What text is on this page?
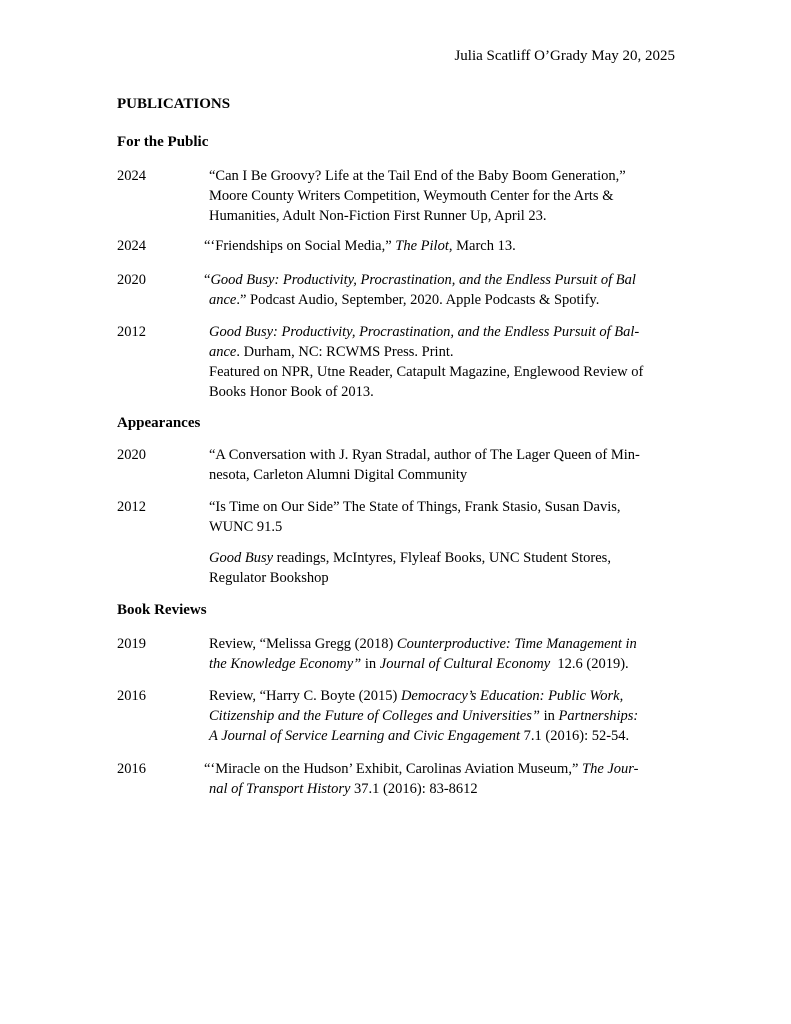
Julia Scatliff O’Grady May 20, 2025
PUBLICATIONS
For the Public
2024	“Can I Be Groovy? Life at the Tail End of the Baby Boom Generation,”
Moore County Writers Competition, Weymouth Center for the Arts &
Humanities, Adult Non-Fiction First Runner Up, April 23.
2024	“‘Friendships on Social Media,” The Pilot, March 13.
2020	“Good Busy: Productivity, Procrastination, and the Endless Pursuit of Bal
ance.” Podcast Audio, September, 2020. Apple Podcasts & Spotify.
2012	Good Busy: Productivity, Procrastination, and the Endless Pursuit of Bal-
ance. Durham, NC: RCWMS Press. Print.
Featured on NPR, Utne Reader, Catapult Magazine, Englewood Review of
Books Honor Book of 2013.
Appearances
2020	“A Conversation with J. Ryan Stradal, author of The Lager Queen of Min-
nesota, Carleton Alumni Digital Community
2012	“Is Time on Our Side” The State of Things, Frank Stasio, Susan Davis,
WUNC 91.5
Good Busy readings, McIntyres, Flyleaf Books, UNC Student Stores,
Regulator Bookshop
Book Reviews
2019	Review, “Melissa Gregg (2018) Counterproductive: Time Management in
the Knowledge Economy” in Journal of Cultural Economy  12.6 (2019).
2016	Review, “Harry C. Boyte (2015) Democracy’s Education: Public Work,
Citizenship and the Future of Colleges and Universities” in Partnerships:
A Journal of Service Learning and Civic Engagement 7.1 (2016): 52-54.
2016	“‘Miracle on the Hudson’ Exhibit, Carolinas Aviation Museum,” The Jour-
nal of Transport History 37.1 (2016): 83-8612
